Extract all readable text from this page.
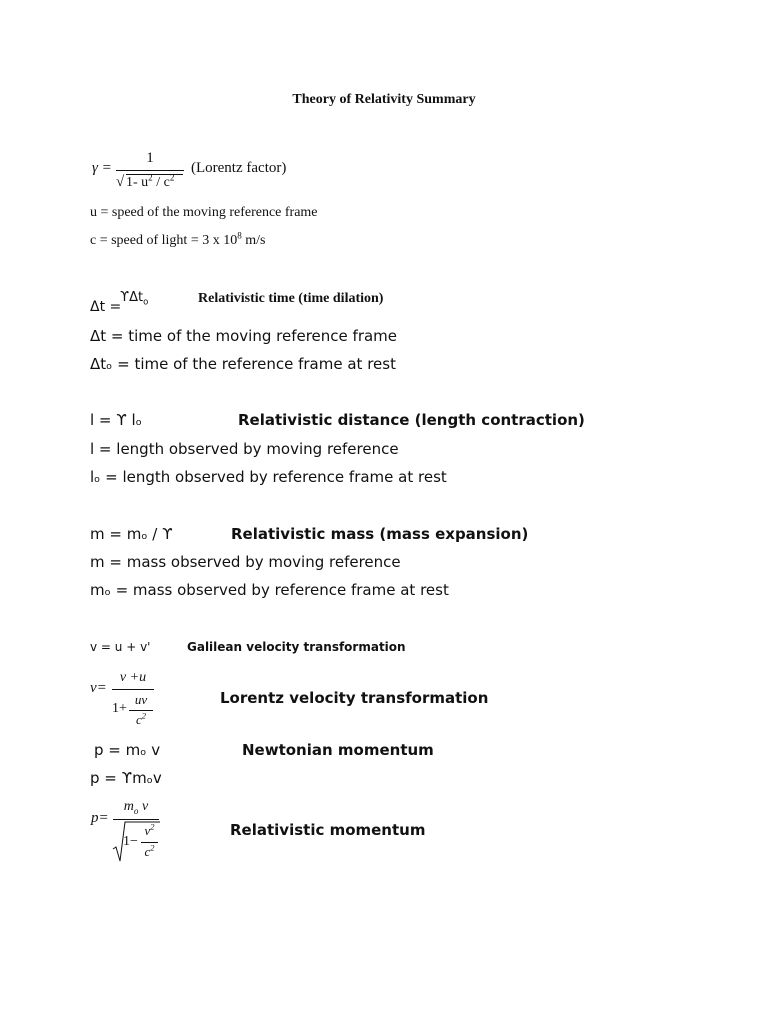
Theory of Relativity Summary
γ =
1
√ 1- $u^2 / c^2$
(Lorentz factor)
u = speed of the moving reference frame
c = speed of light = 3 x $10^8$ m/s
Δt =
ϒΔt$_o$	Relativistic time (time dilation)
Δt = time of the moving reference frame
Δtₒ = time of the reference frame at rest
l = ϒ lₒ	Relativistic distance (length contraction)
l = length observed by moving reference
lₒ = length observed by reference frame at rest
m = mₒ / ϒ	Relativistic mass (mass expansion)
m = mass observed by moving reference
mₒ = mass observed by reference frame at rest
v = u + v'	Galilean velocity transformation
v=
v +u
1+
uv
$c^2$
Lorentz velocity transformation
p = mₒ v	Newtonian momentum
p = ϒmₒv
p=
$m_o$ v
1−
$v^2$
$c^2$
Relativistic momentum
